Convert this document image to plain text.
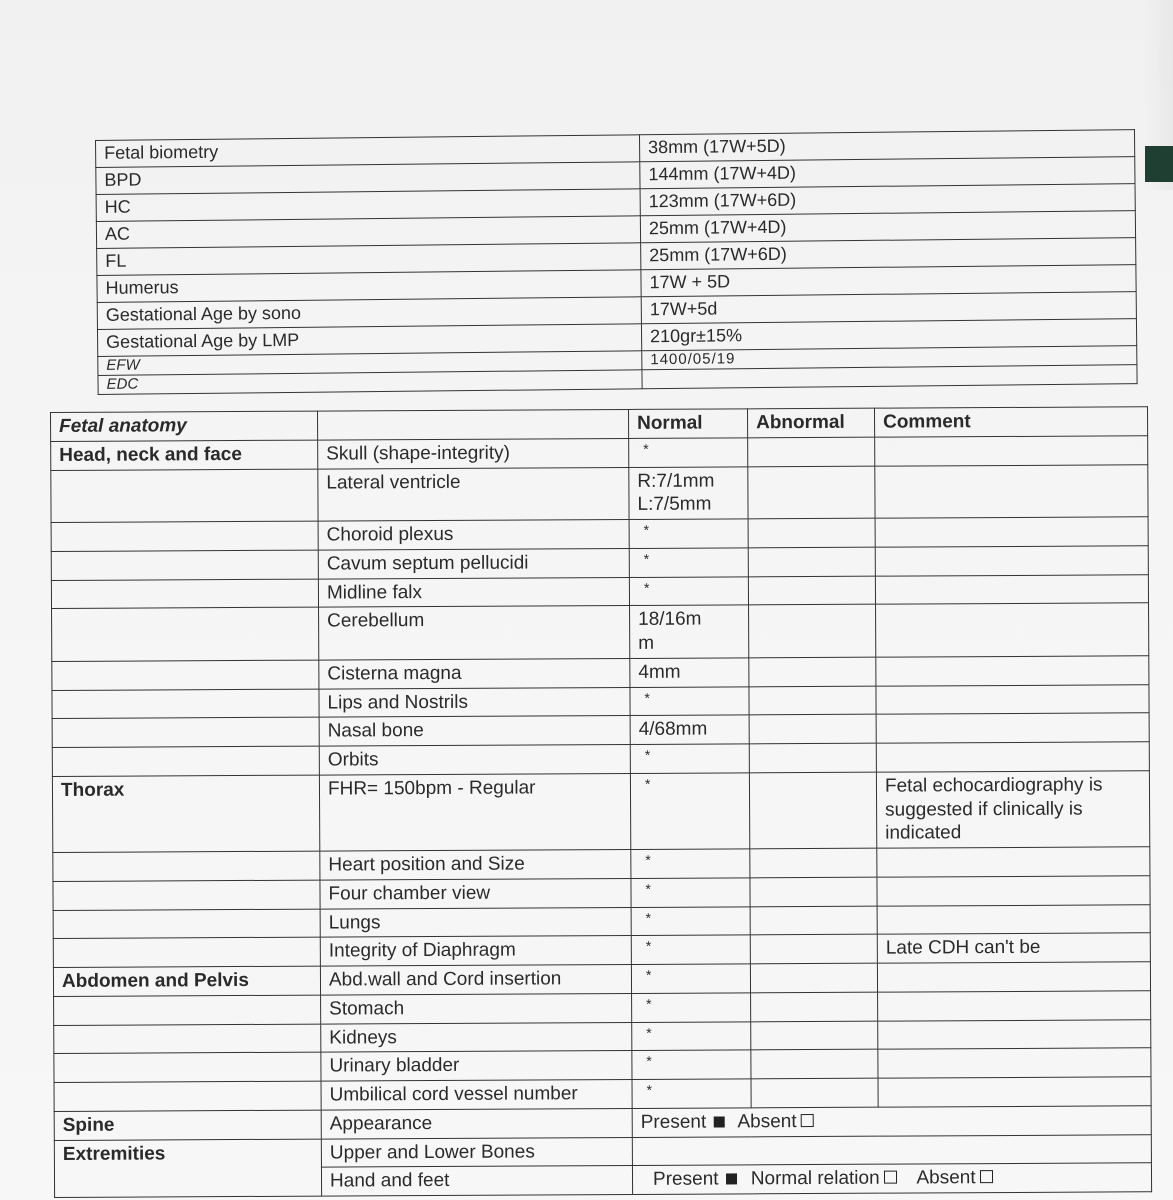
Fetal biometry	38mm (17W+5D)
BPD	144mm (17W+4D)
HC	123mm (17W+6D)
AC	25mm (17W+4D)
FL	25mm (17W+6D)
Humerus	17W + 5D
Gestational Age by sono	17W+5d
Gestational Age by LMP	210gr±15%
EFW	1400/05/19
EDC	
Fetal anatomy		Normal	Abnormal	Comment
Head, neck and face	Skull (shape-integrity)	*		
	Lateral ventricle	R:7/1mm
L:7/5mm		
	Choroid plexus	*		
	Cavum septum pellucidi	*		
	Midline falx	*		
	Cerebellum	18/16m
m		
	Cisterna magna	4mm		
	Lips and Nostrils	*		
	Nasal bone	4/68mm		
	Orbits	*		
Thorax	FHR= 150bpm - Regular	*		Fetal echocardiography is suggested if clinically is indicated
	Heart position and Size	*		
	Four chamber view	*		
	Lungs	*		
	Integrity of Diaphragm	*		Late CDH can't be
Abdomen and Pelvis	Abd.wall and Cord insertion	*		
	Stomach	*		
	Kidneys	*		
	Urinary bladder	*		
	Umbilical cord vessel number	*		
Spine	Appearance	Present Absent		
Extremities	Upper and Lower Bones			
	Hand and feet	Present Normal relation Absent		
